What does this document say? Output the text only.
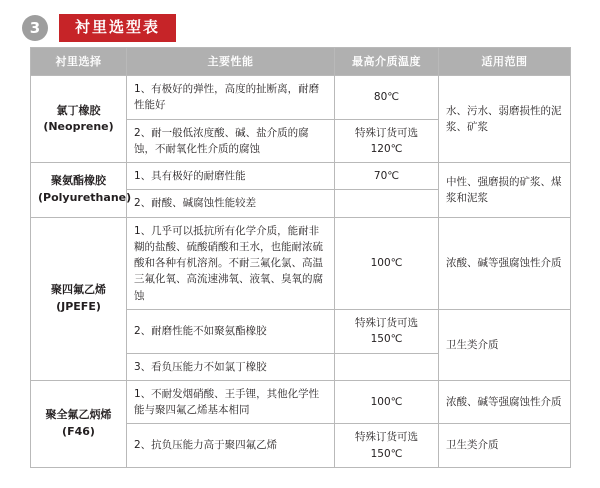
3	衬里选型表
衬里选择	主要性能	最高介质温度	适用范围

氯丁橡胶
(Neoprene)	1、有极好的弹性，高度的扯断离，耐磨性能好	80℃	水、污水、弱磨损性的泥浆、矿浆
	2、耐一般低浓度酸、碱、盐介质的腐蚀，不耐氧化性介质的腐蚀	特殊订货可选120℃	

聚氨酯橡胶
(Polyurethane)	1、具有极好的耐磨性能	70℃	中性、强磨损的矿浆、煤浆和泥浆
	2、耐酸、碱腐蚀性能较差		

聚四氟乙烯
(JPEFE)	1、几乎可以抵抗所有化学介质，能耐非糊的盐酸、硫酸硝酸和王水，也能耐浓硫酸和各种有机溶剂。不耐三氟化氯、高温三氟化氧、高流速沸氧、液氧、臭氧的腐蚀	100℃	浓酸、碱等强腐蚀性介质
	2、耐磨性能不如聚氨酯橡胶	特殊订货可选150℃	卫生类介质
	3、看负压能力不如氯丁橡胶		

聚全氟乙炳烯
(F46)	1、不耐发烟硝酸、王手锂，其他化学性能与聚四氟乙烯基本相同	100℃	浓酸、碱等强腐蚀性介质
	2、抗负压能力高于聚四氟乙烯	特殊订货可选150℃	卫生类介质
